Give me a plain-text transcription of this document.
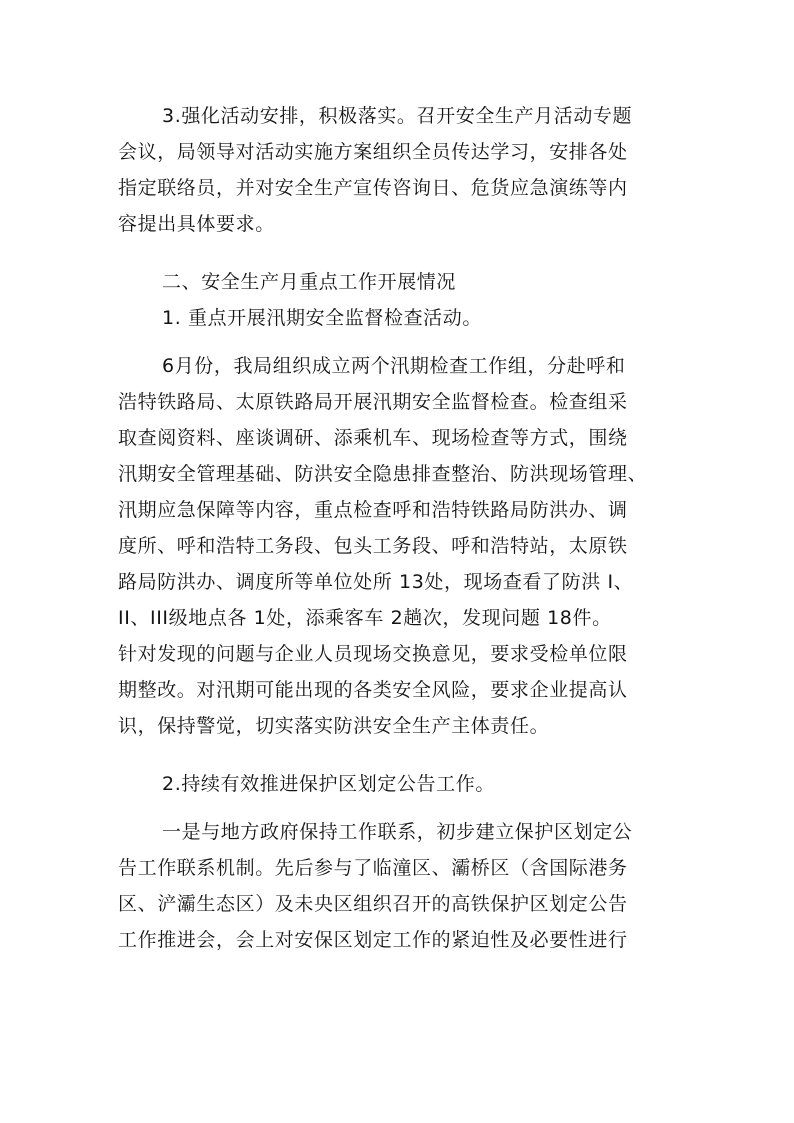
3.强化活动安排，积极落实。召开安全生产月活动专题
会议，局领导对活动实施方案组织全员传达学习，安排各处
指定联络员，并对安全生产宣传咨询日、危货应急演练等内
容提出具体要求。
二、安全生产月重点工作开展情况
1. 重点开展汛期安全监督检查活动。
6月份，我局组织成立两个汛期检查工作组，分赴呼和
浩特铁路局、太原铁路局开展汛期安全监督检查。检查组采
取查阅资料、座谈调研、添乘机车、现场检查等方式，围绕
汛期安全管理基础、防洪安全隐患排查整治、防洪现场管理、
汛期应急保障等内容，重点检查呼和浩特铁路局防洪办、调
度所、呼和浩特工务段、包头工务段、呼和浩特站，太原铁
路局防洪办、调度所等单位处所 13处，现场查看了防洪 I、
II、III级地点各 1处，添乘客车 2趟次，发现问题 18件。
针对发现的问题与企业人员现场交换意见，要求受检单位限
期整改。对汛期可能出现的各类安全风险，要求企业提高认
识，保持警觉，切实落实防洪安全生产主体责任。
2.持续有效推进保护区划定公告工作。
一是与地方政府保持工作联系，初步建立保护区划定公
告工作联系机制。先后参与了临潼区、灞桥区（含国际港务
区、浐灞生态区）及未央区组织召开的高铁保护区划定公告
工作推进会，会上对安保区划定工作的紧迫性及必要性进行
